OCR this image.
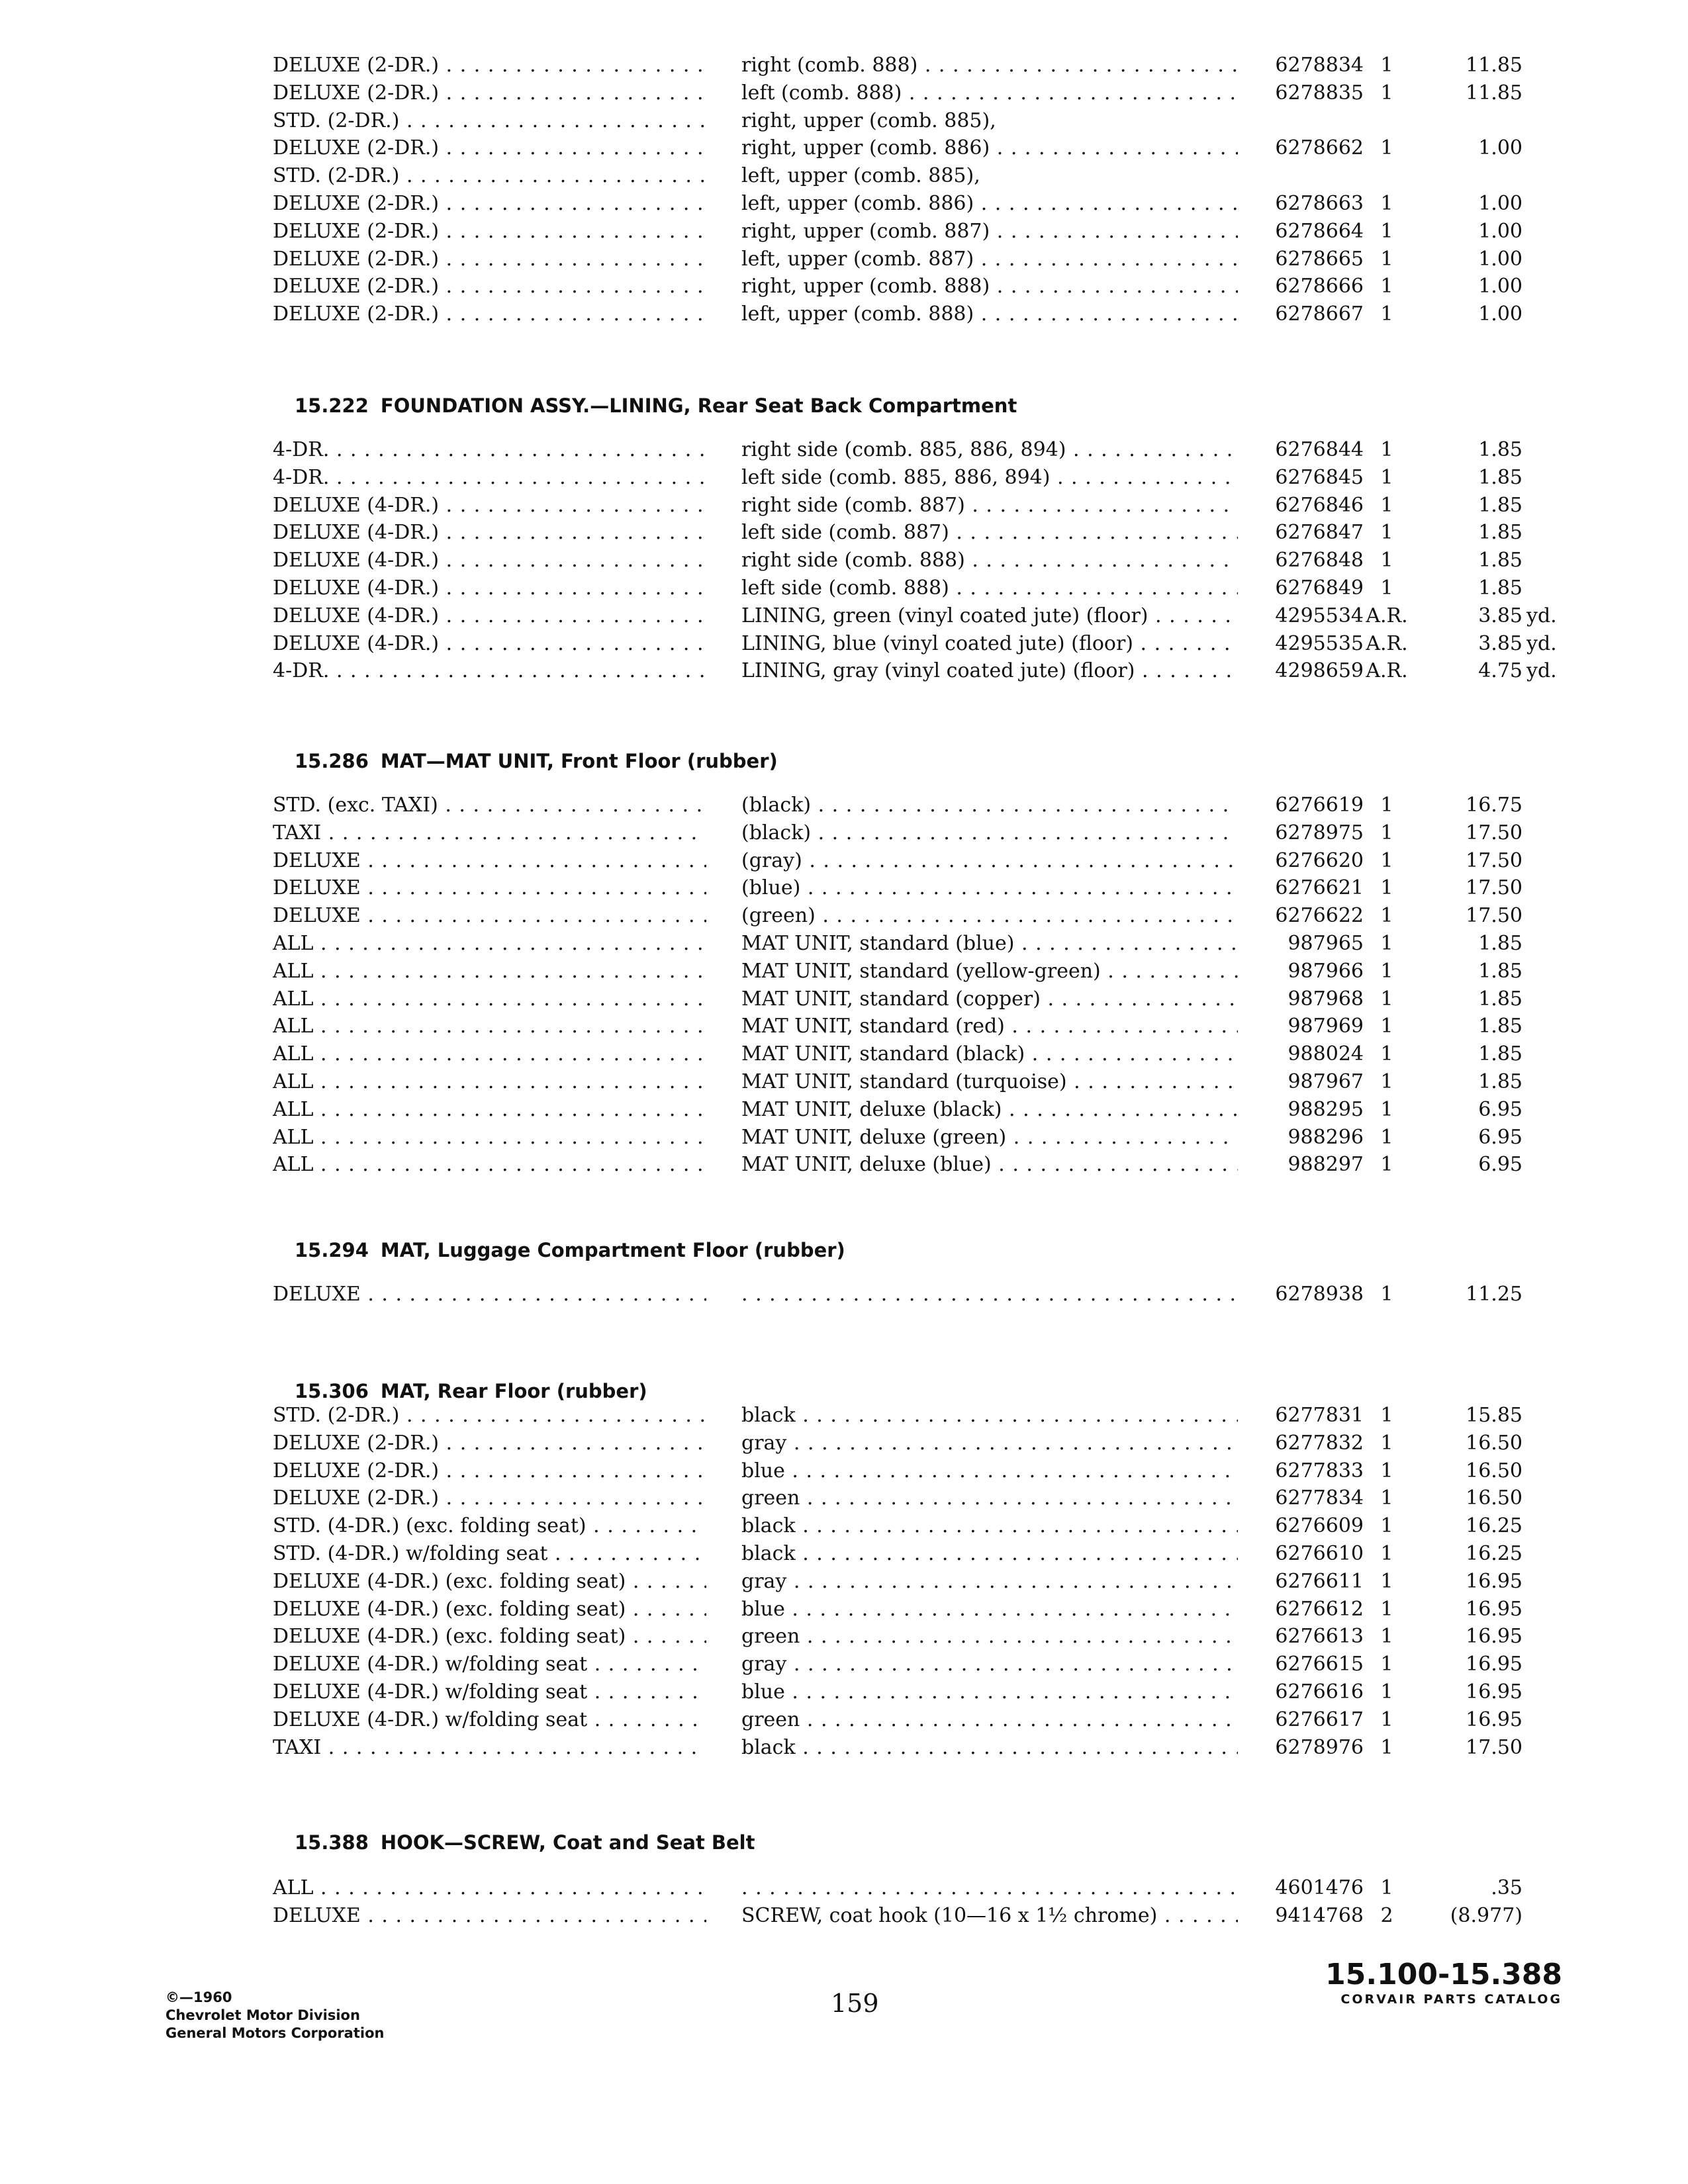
DELUXE (2-DR.) . . .	right (comb. 888) . . .	6278834 1	11.85
DELUXE (2-DR.) . . .	left (comb. 888) . . .	6278835 1	11.85
STD. (2-DR.) . . .	right, upper (comb. 885),
DELUXE (2-DR.) . . .	right, upper (comb. 886) . . .	6278662 1	1.00
STD. (2-DR.) . . .	left, upper (comb. 885),
DELUXE (2-DR.) . . .	left, upper (comb. 886) . . .	6278663 1	1.00
DELUXE (2-DR.) . . .	right, upper (comb. 887) . . .	6278664 1	1.00
DELUXE (2-DR.) . . .	left, upper (comb. 887) . . .	6278665 1	1.00
DELUXE (2-DR.) . . .	right, upper (comb. 888) . . .	6278666 1	1.00
DELUXE (2-DR.) . . .	left, upper (comb. 888) . . .	6278667 1	1.00
15.222 FOUNDATION ASSY.—LINING, Rear Seat Back Compartment
4-DR. . . .	right side (comb. 885, 886, 894) . . .	6276844 1	1.85
4-DR. . . .	left side (comb. 885, 886, 894) . . .	6276845 1	1.85
DELUXE (4-DR.) . . .	right side (comb. 887) . . .	6276846 1	1.85
DELUXE (4-DR.) . . .	left side (comb. 887) . . .	6276847 1	1.85
DELUXE (4-DR.) . . .	right side (comb. 888) . . .	6276848 1	1.85
DELUXE (4-DR.) . . .	left side (comb. 888) . . .	6276849 1	1.85
DELUXE (4-DR.) . . .	LINING, green (vinyl coated jute) (floor) . . .	4295534 A.R.	3.85 yd.
DELUXE (4-DR.) . . .	LINING, blue (vinyl coated jute) (floor) . . .	4295535 A.R.	3.85 yd.
4-DR. . . .	LINING, gray (vinyl coated jute) (floor) . . .	4298659 A.R.	4.75 yd.
15.286 MAT—MAT UNIT, Front Floor (rubber)
STD. (exc. TAXI) . . .	(black) . . .	6276619 1	16.75
TAXI . . .	(black) . . .	6278975 1	17.50
DELUXE . . .	(gray) . . .	6276620 1	17.50
DELUXE . . .	(blue) . . .	6276621 1	17.50
DELUXE . . .	(green) . . .	6276622 1	17.50
ALL . . .	MAT UNIT, standard (blue) . . .	987965 1	1.85
ALL . . .	MAT UNIT, standard (yellow-green) . . .	987966 1	1.85
ALL . . .	MAT UNIT, standard (copper) . . .	987968 1	1.85
ALL . . .	MAT UNIT, standard (red) . . .	987969 1	1.85
ALL . . .	MAT UNIT, standard (black) . . .	988024 1	1.85
ALL . . .	MAT UNIT, standard (turquoise) . . .	987967 1	1.85
ALL . . .	MAT UNIT, deluxe (black) . . .	988295 1	6.95
ALL . . .	MAT UNIT, deluxe (green) . . .	988296 1	6.95
ALL . . .	MAT UNIT, deluxe (blue) . . .	988297 1	6.95
15.294 MAT, Luggage Compartment Floor (rubber)
DELUXE . . . . . .	6278938 1	11.25
15.306 MAT, Rear Floor (rubber)
STD. (2-DR.) . . .	black . . .	6277831 1	15.85
DELUXE (2-DR.) . . .	gray . . .	6277832 1	16.50
DELUXE (2-DR.) . . .	blue . . .	6277833 1	16.50
DELUXE (2-DR.) . . .	green . . .	6277834 1	16.50
STD. (4-DR.) (exc. folding seat) . . .	black . . .	6276609 1	16.25
STD. (4-DR.) w/folding seat . . .	black . . .	6276610 1	16.25
DELUXE (4-DR.) (exc. folding seat) . . .	gray . . .	6276611 1	16.95
DELUXE (4-DR.) (exc. folding seat) . . .	blue . . .	6276612 1	16.95
DELUXE (4-DR.) (exc. folding seat) . . .	green . . .	6276613 1	16.95
DELUXE (4-DR.) w/folding seat . . .	gray . . .	6276615 1	16.95
DELUXE (4-DR.) w/folding seat . . .	blue . . .	6276616 1	16.95
DELUXE (4-DR.) w/folding seat . . .	green . . .	6276617 1	16.95
TAXI . . .	black . . .	6278976 1	17.50
15.388 HOOK—SCREW, Coat and Seat Belt
ALL . . . . . .	4601476 1	.35
DELUXE . . .	SCREW, coat hook (10—16 x 1½ chrome) . . .	9414768 2	(8.977)
©—1960
Chevrolet Motor Division
General Motors Corporation
159
15.100-15.388
CORVAIR PARTS CATALOG
